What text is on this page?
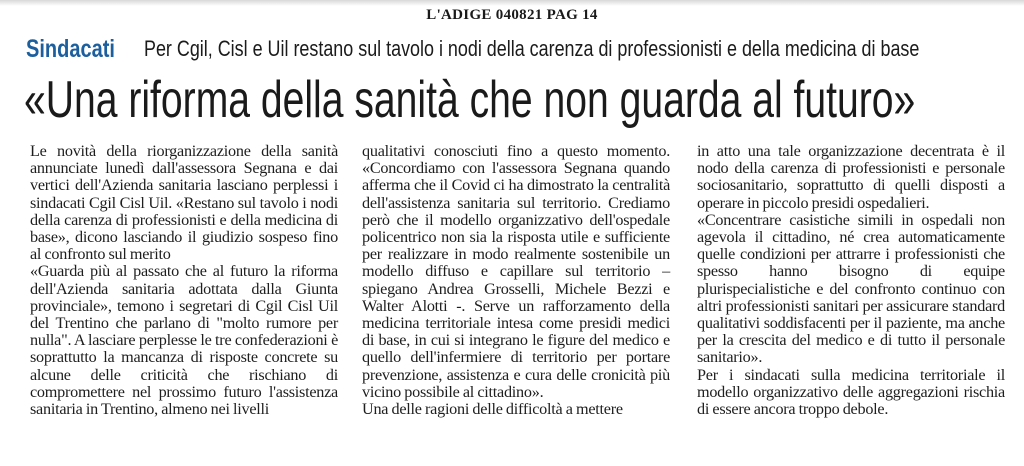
L'ADIGE 040821 PAG 14
Sindacati Per Cgil, Cisl e Uil restano sul tavolo i nodi della carenza di professionisti e della medicina di base
«Una riforma della sanità che non guarda al futuro»

Le novità della riorganizzazione della sanità annunciate lunedì dall'assessora Segnana e dai vertici dell'Azienda sanitaria lasciano perplessi i sindacati Cgil Cisl Uil. «Restano sul tavolo i nodi della carenza di professionisti e della medicina di base», dicono lasciando il giudizio sospeso fino al confronto sul merito

«Guarda più al passato che al futuro la riforma dell'Azienda sanitaria adottata dalla Giunta provinciale», temono i segretari di Cgil Cisl Uil del Trentino che parlano di "molto rumore per nulla". A lasciare perplesse le tre confederazioni è soprattutto la mancanza di risposte concrete su alcune delle criticità che rischiano di compromettere nel prossimo futuro l'assistenza sanitaria in Trentino, almeno nei livelli

qualitativi conosciuti fino a questo momento. «Concordiamo con l'assessora Segnana quando afferma che il Covid ci ha dimostrato la centralità dell'assistenza sanitaria sul territorio. Crediamo però che il modello organizzativo dell'ospedale policentrico non sia la risposta utile e sufficiente per realizzare in modo realmente sostenibile un modello diffuso e capillare sul territorio – spiegano Andrea Grosselli, Michele Bezzi e Walter Alotti -. Serve un rafforzamento della medicina territoriale intesa come presidi medici di base, in cui si integrano le figure del medico e quello dell'infermiere di territorio per portare prevenzione, assistenza e cura delle cronicità più vicino possibile al cittadino».

Una delle ragioni delle difficoltà a mettere

in atto una tale organizzazione decentrata è il nodo della carenza di professionisti e personale sociosanitario, soprattutto di quelli disposti a operare in piccolo presidi ospedalieri.

«Concentrare casistiche simili in ospedali non agevola il cittadino, né crea automaticamente quelle condizioni per attrarre i professionisti che spesso hanno bisogno di equipe plurispecialistiche e del confronto continuo con altri professionisti sanitari per assicurare standard qualitativi soddisfacenti per il paziente, ma anche per la crescita del medico e di tutto il personale sanitario».

Per i sindacati sulla medicina territoriale il modello organizzativo delle aggregazioni rischia di essere ancora troppo debole.
